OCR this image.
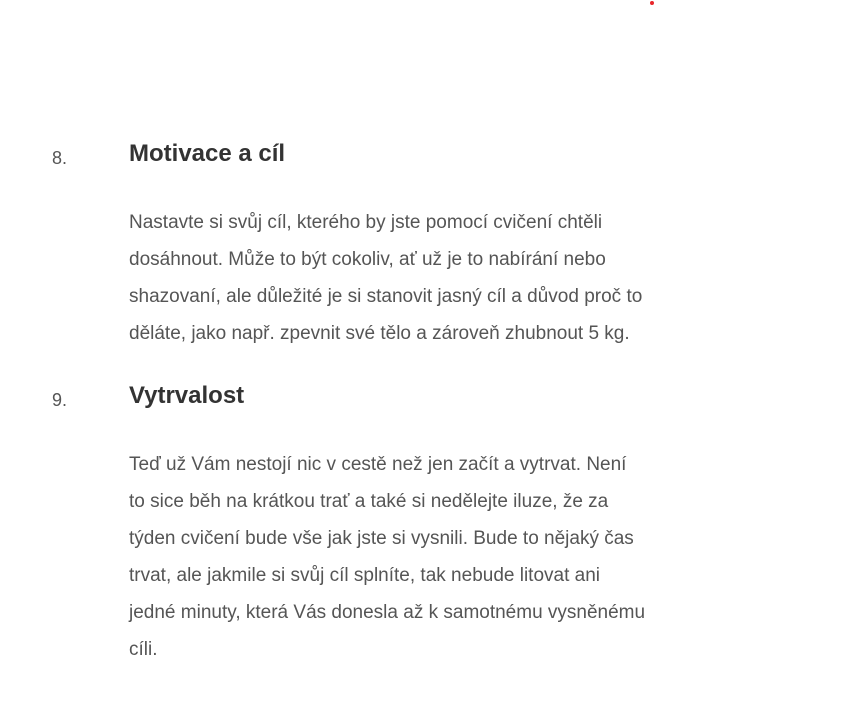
8.	Motivace a cíl
Nastavte si svůj cíl, kterého by jste pomocí cvičení chtěli
dosáhnout. Může to být cokoliv, ať už je to nabírání nebo
shazovaní, ale důležité je si stanovit jasný cíl a důvod proč to
děláte, jako např. zpevnit své tělo a zároveň zhubnout 5 kg.
9.	Vytrvalost
Teď už Vám nestojí nic v cestě než jen začít a vytrvat. Není
to sice běh na krátkou trať a také si nedělejte iluze, že za
týden cvičení bude vše jak jste si vysnili. Bude to nějaký čas
trvat, ale jakmile si svůj cíl splníte, tak nebude litovat ani
jedné minuty, která Vás donesla až k samotnému vysněnému
cíli.
